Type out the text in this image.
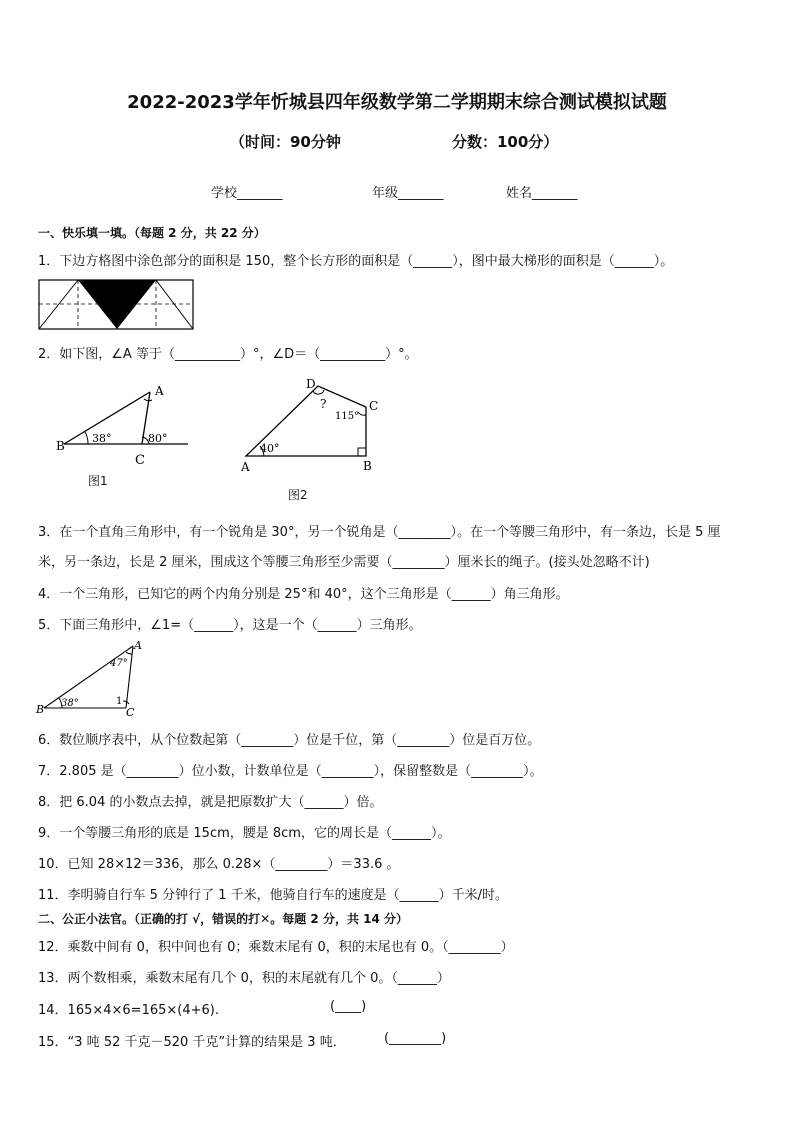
2022-2023学年忻城县四年级数学第二学期期末综合测试模拟试题
（时间：90分钟	分数：100分）
学校_______	年级_______	姓名_______
一、快乐填一填。（每题 2 分，共 22 分）
1．下边方格图中涂色部分的面积是 150，整个长方形的面积是（______），图中最大梯形的面积是（______）。
2．如下图，∠A 等于（__________）°，∠D＝（__________）°。
A
B
C
38°	80°
图1
A	B
C
D
40°
115°
?
图2
3．在一个直角三角形中，有一个锐角是 30°，另一个锐角是（________）。在一个等腰三角形中，有一条边，长是 5 厘
米，另一条边，长是 2 厘米，围成这个等腰三角形至少需要（________）厘米长的绳子。(接头处忽略不计)
4．一个三角形，已知它的两个内角分别是 25°和 40°，这个三角形是（______）角三角形。
5．下面三角形中，∠1=（______），这是一个（______）三角形。
A
B	C
47°
38°	1
6．数位顺序表中，从个位数起第（________）位是千位，第（________）位是百万位。
7．2.805 是（________）位小数，计数单位是（________），保留整数是（________）。
8．把 6.04 的小数点去掉，就是把原数扩大（______）倍。
9．一个等腰三角形的底是 15cm，腰是 8cm，它的周长是（______）。
10．已知 28×12＝336，那么 0.28×（________）＝33.6 。
11．李明骑自行车 5 分钟行了 1 千米，他骑自行车的速度是（______）千米/时。
二、公正小法官。（正确的打 √，错误的打✕。每题 2 分，共 14 分）
12．乘数中间有 0，积中间也有 0；乘数末尾有 0，积的末尾也有 0。（________）
13．两个数相乘，乘数末尾有几个 0，积的末尾就有几个 0。（______）
14．165×4×6=165×(4+6).	(____)
15．“3 吨 52 千克－520 千克”计算的结果是 3 吨．	(________)
